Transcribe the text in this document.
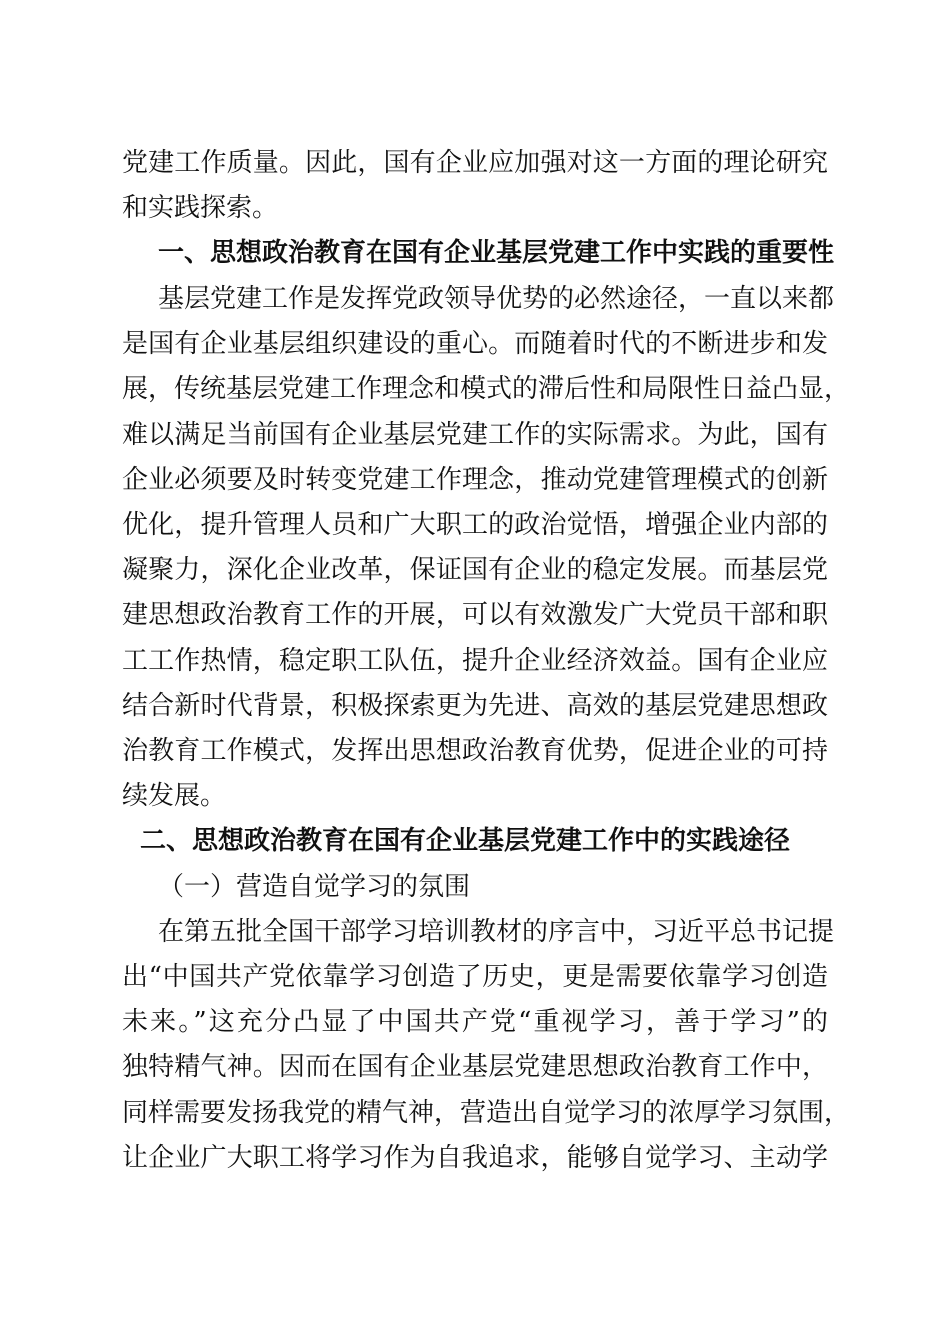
党建工作质量。因此，国有企业应加强对这一方面的理论研究
和实践探索。
一、思想政治教育在国有企业基层党建工作中实践的重要性
基层党建工作是发挥党政领导优势的必然途径，一直以来都
是国有企业基层组织建设的重心。而随着时代的不断进步和发
展，传统基层党建工作理念和模式的滞后性和局限性日益凸显，
难以满足当前国有企业基层党建工作的实际需求。为此，国有
企业必须要及时转变党建工作理念，推动党建管理模式的创新
优化，提升管理人员和广大职工的政治觉悟，增强企业内部的
凝聚力，深化企业改革，保证国有企业的稳定发展。而基层党
建思想政治教育工作的开展，可以有效激发广大党员干部和职
工工作热情，稳定职工队伍，提升企业经济效益。国有企业应
结合新时代背景，积极探索更为先进、高效的基层党建思想政
治教育工作模式，发挥出思想政治教育优势，促进企业的可持
续发展。
二、思想政治教育在国有企业基层党建工作中的实践途径
（一）营造自觉学习的氛围
在第五批全国干部学习培训教材的序言中，习近平总书记提
出“中国共产党依靠学习创造了历史，更是需要依靠学习创造
未来。”这充分凸显了中国共产党“重视学习，善于学习”的
独特精气神。因而在国有企业基层党建思想政治教育工作中，
同样需要发扬我党的精气神，营造出自觉学习的浓厚学习氛围，
让企业广大职工将学习作为自我追求，能够自觉学习、主动学
